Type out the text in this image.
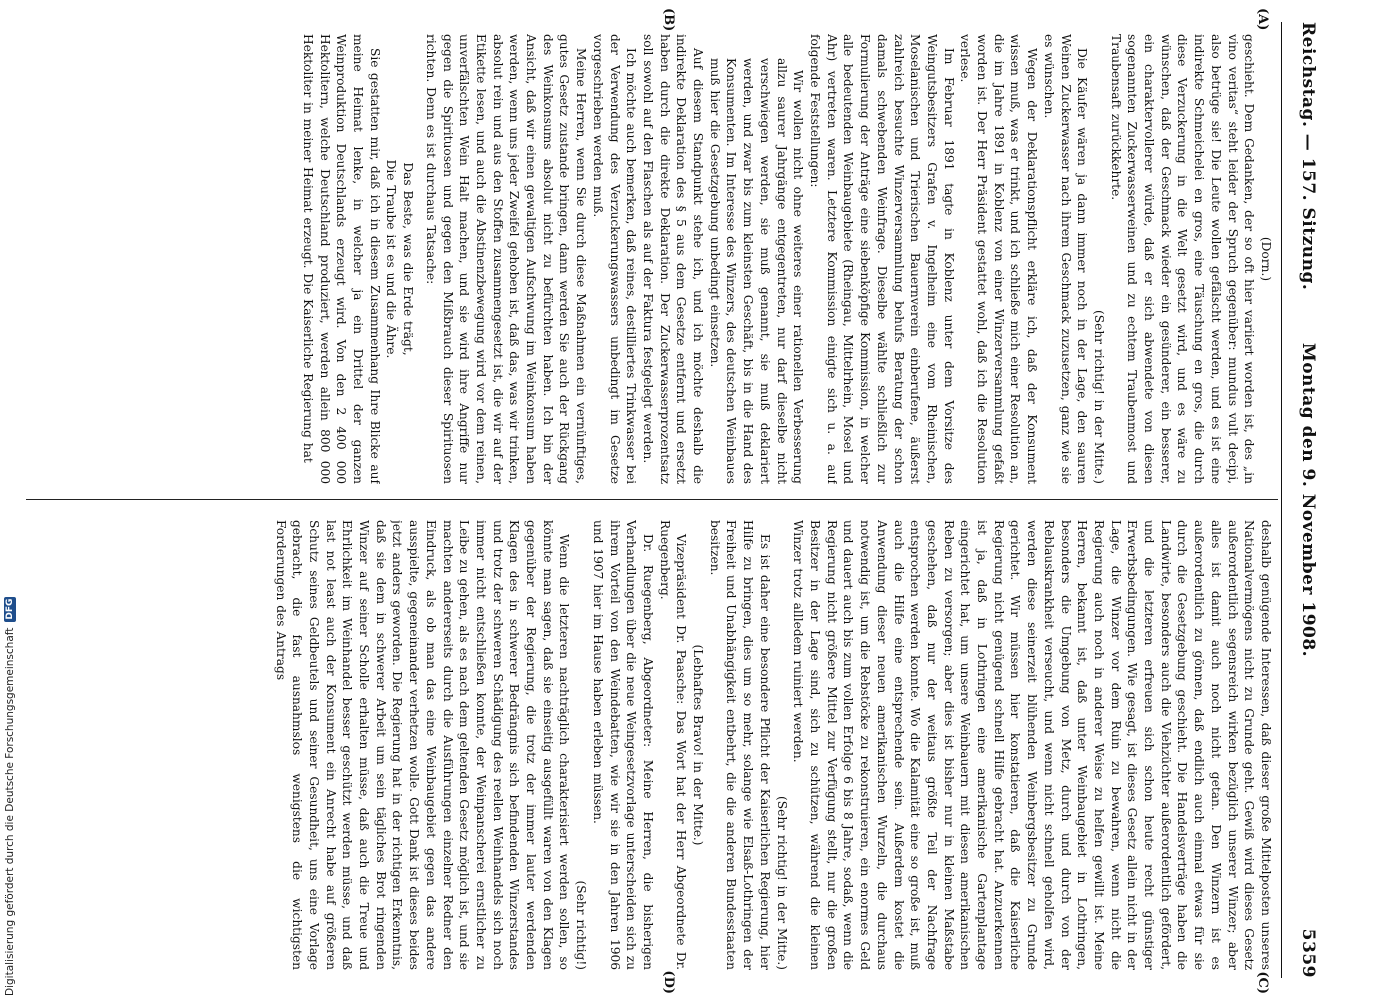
Reichstag. — 157. Sitzung.
Montag den 9. November 1908.
5359
(A)
(B)
(C)
(D)

(Dorn.)

geschieht. Dem Gedanken, der so oft hier variiert worden ist, des „in vino veritas“ steht leider der Spruch gegenüber: mundus vult decipi, also betrüge sie! Die Leute wollen gefälscht werden, und es ist eine indirekte Schmeichelei en gros, eine Täuschung en gros, die durch diese Verzuckerung in die Welt gesetzt wird, und es wäre zu wünschen, daß der Geschmack wieder ein gesünderer, ein besserer, ein charaktervollerer würde, daß er sich abwendete von diesen sogenannten Zuckerwasserweinen und zu echtem Traubenmost und Traubensaft zurückkehrte.

(Sehr richtig! in der Mitte.)

Die Käufer wären ja dann immer noch in der Lage, den sauren Weinen Zuckerwasser nach ihrem Geschmack zuzusetzen, ganz wie sie es wünschen.

Wegen der Deklarationspflicht erkläre ich, daß der Konsument wissen muß, was er trinkt, und ich schließe mich einer Resolution an, die im Jahre 1891 in Koblenz von einer Winzerversammlung gefaßt worden ist. Der Herr Präsident gestattet wohl, daß ich die Resolution verlese.

Im Februar 1891 tagte in Koblenz unter dem Vorsitze des Weingutsbesitzers Grafen v. Ingelheim eine vom Rheinischen, Moselanischen und Trierischen Bauernverein einberufene, äußerst zahlreich besuchte Winzerversammlung behufs Beratung der schon damals schwebenden Weinfrage. Dieselbe wählte schließlich zur Formulierung der Anträge eine siebenköpfige Kommission, in welcher alle bedeutenden Weinbaugebiete (Rheingau, Mittelrhein, Mosel und Ahr) vertreten waren. Letztere Kommission einigte sich u. a. auf folgende Feststellungen:

Wir wollen nicht ohne weiteres einer rationellen Verbesserung allzu saurer Jahrgänge entgegentreten, nur darf dieselbe nicht verschwiegen werden, sie muß genannt, sie muß deklariert werden, und zwar bis zum kleinsten Geschäft, bis in die Hand des Konsumenten. Im Interesse des Winzers, des deutschen Weinbaues muß hier die Gesetzgebung unbedingt einsetzen.

Auf diesem Standpunkt stehe ich, und ich möchte deshalb die indirekte Deklaration des § 5 aus dem Gesetze entfernt und ersetzt haben durch die direkte Deklaration. Der Zuckerwasserprozentsatz soll sowohl auf den Flaschen als auf der Faktura festgelegt werden.

Ich möchte auch bemerken, daß reines, destilliertes Trinkwasser bei der Verwendung des Verzuckerungswassers unbedingt im Gesetze vorgeschrieben werden muß.

Meine Herren, wenn Sie durch diese Maßnahmen ein vernünftiges, gutes Gesetz zustande bringen, dann werden Sie auch der Rückgang des Weinkonsums absolut nicht zu befürchten haben. Ich bin der Ansicht, daß wir einen gewaltigen Aufschwung im Weinkonsum haben werden, wenn uns jeder Zweifel gehoben ist, daß das, was wir trinken, absolut rein und aus den Stoffen zusammengesetzt ist, die wir auf der Etikette lesen, und auch die Abstinenzbewegung wird vor dem reinen, unverfälschten Wein Halt machen, und sie wird ihre Angriffe nur gegen die Spirituosen und gegen den Mißbrauch dieser Spirituosen richten. Denn es ist durchaus Tatsache:

Das Beste, was die Erde trägt,

Die Traube ist es und die Ähre.

Sie gestatten mir, daß ich in diesem Zusammenhang Ihre Blicke auf meine Heimat lenke, in welcher ja ein Drittel der ganzen Weinproduktion Deutschlands erzeugt wird. Von den 2 400 000 Hektolitern, welche Deutschland produziert, werden allein 800 000 Hektoliter in meiner Heimat erzeugt. Die Kaiserliche Regierung hat

deshalb genügende Interessen, daß dieser große Mittelposten unseres Nationalvermögens nicht zu Grunde geht. Gewiß wird dieses Gesetz außerordentlich segensreich wirken bezüglich unserer Winzer; aber alles ist damit auch noch nicht getan. Den Winzern ist es außerordentlich zu gönnen, daß endlich auch einmal etwas für sie durch die Gesetzgebung geschieht. Die Handelsverträge haben die Landwirte, besonders auch die Viehzüchter außerordentlich gefördert, und die letzteren erfreuen sich schon heute recht günstiger Erwerbsbedingungen. Wie gesagt, ist dieses Gesetz allein nicht in der Lage, die Winzer vor dem Ruin zu bewahren, wenn nicht die Regierung auch noch in anderer Weise zu helfen gewillt ist. Meine Herren, bekannt ist, daß unter Weinbaugebiet in Lothringen, besonders die Umgebung von Metz, durch und durch von der Reblauskrankheit verseucht, und wenn nicht schnell geholfen wird, werden diese seinerzeit blühenden Weinbergsbesitzer zu Grunde gerichtet. Wir müssen hier konstatieren, daß die Kaiserliche Regierung nicht genügend schnell Hilfe gebracht hat. Anzuerkennen ist ja, daß in Lothringen eine amerikanische Gartenplantage eingerichtet hat, um unsere Weinbauern mit diesen amerikanischen Reben zu versorgen; aber dies ist bisher nur in kleinen Maßstabe geschehen, daß nur der weitaus größte Teil der Nachfrage entsprochen werden konnte. Wo die Kalamität eine so große ist, muß auch die Hilfe eine entsprechende sein. Außerdem kostet die Anwendung dieser neuen amerikanischen Wurzeln, die durchaus notwendig ist, um die Rebstöcke zu rekonstruieren, ein enormes Geld und dauert auch bis zum vollen Erfolge 6 bis 8 Jahre, sodaß, wenn die Regierung nicht größere Mittel zur Verfügung stellt, nur die großen Besitzer in der Lage sind, sich zu schützen, während die kleinen Winzer trotz allledem ruiniert werden.

(Sehr richtig! in der Mitte.)

Es ist daher eine besondere Pflicht der Kaiserlichen Regierung, hier Hilfe zu bringen, dies um so mehr, solange wie Elsaß-Lothringen der Freiheit und Unabhängigkeit entbehrt, die die anderen Bundesstaaten besitzen.

(Lebhaftes Bravo! in der Mitte.)

Vizepräsident Dr. Paasche: Das Wort hat der Herr Abgeordnete Dr. Ruegenberg.

Dr. Ruegenberg, Abgeordneter: Meine Herren, die bisherigen Verhandlungen über die neue Weingesetzvorlage unterscheiden sich zu ihrem Vorteil von den Weindebatten, wie wir sie in den Jahren 1906 und 1907 hier im Hause haben erleben müssen.

(Sehr richtig!)

Wenn die letzteren nachträglich charakterisiert werden sollen, so könnte man sagen, daß sie einseitig ausgefüllt waren von den Klagen gegenüber der Regierung, die trotz der immer lauter werdenden Klagen des in schwerer Bedrängnis sich befindenden Winzerstandes und trotz der schweren Schädigung des reellen Weinhandels sich noch immer nicht entschließen konnte, der Weinpanscherei ernstlicher zu Leibe zu gehen, als es nach dem geltenden Gesetz möglich ist, und sie machten andererseits durch die Ausführungen einzelner Redner den Eindruck, als ob man das eine Weinbaugebiet gegen das andere ausspielte, gegeneinander verhetzen wolle. Gott Dank ist dieses beides jetzt anders geworden. Die Regierung hat in der richtigen Erkenntnis, daß sie dem in schwerer Arbeit um sein tägliches Brot ringenden Winzer auf seiner Scholle erhalten müsse, daß auch die Treue und Ehrlichkeit im Weinhandel besser geschützt werden müsse, und daß last not least auch der Konsument ein Anrecht habe auf größeren Schutz seines Geldbeutels und seiner Gesundheit, uns eine Vorlage gebracht, die fast ausnahmslos wenigstens die wichtigsten Forderungen des Antrags

Digitalisierung gefördert durch die Deutsche Forschungsgemeinschaft
DFG
